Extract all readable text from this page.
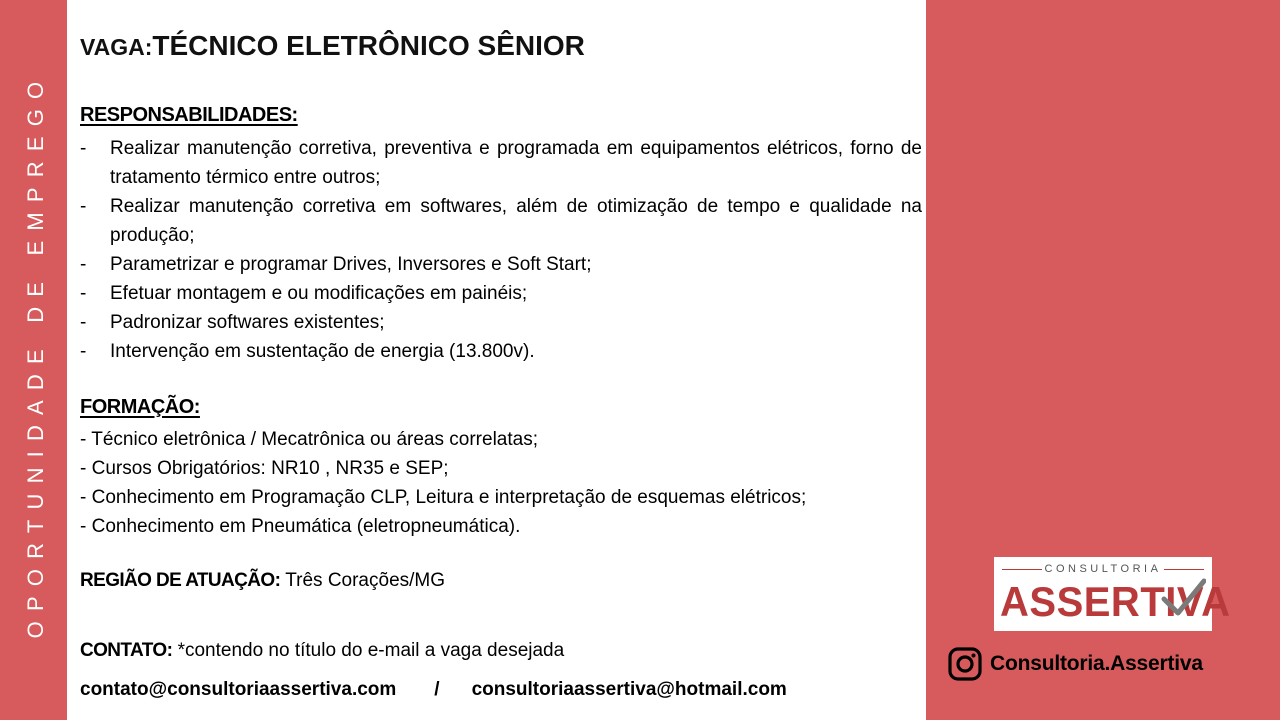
OPORTUNIDADE DE EMPREGO
VAGA:TÉCNICO ELETRÔNICO SÊNIOR
RESPONSABILIDADES:
- Realizar manutenção corretiva, preventiva e programada em equipamentos elétricos, forno de tratamento térmico entre outros;
- Realizar manutenção corretiva em softwares, além de otimização de tempo e qualidade na produção;
- Parametrizar e programar Drives, Inversores e Soft Start;
- Efetuar montagem e ou modificações em painéis;
- Padronizar softwares existentes;
- Intervenção em sustentação de energia (13.800v).
FORMAÇÃO:
- Técnico eletrônica / Mecatrônica ou áreas correlatas;
- Cursos Obrigatórios: NR10 , NR35 e SEP;
- Conhecimento em Programação CLP, Leitura e interpretação de esquemas elétricos;
- Conhecimento em Pneumática (eletropneumática).
REGIÃO DE ATUAÇÃO: Três Corações/MG
CONTATO: *contendo no título do e-mail a vaga desejada
contato@consultoriaassertiva.com / consultoriaassertiva@hotmail.com
CONSULTORIA
ASSERTIVA
Consultoria.Assertiva
